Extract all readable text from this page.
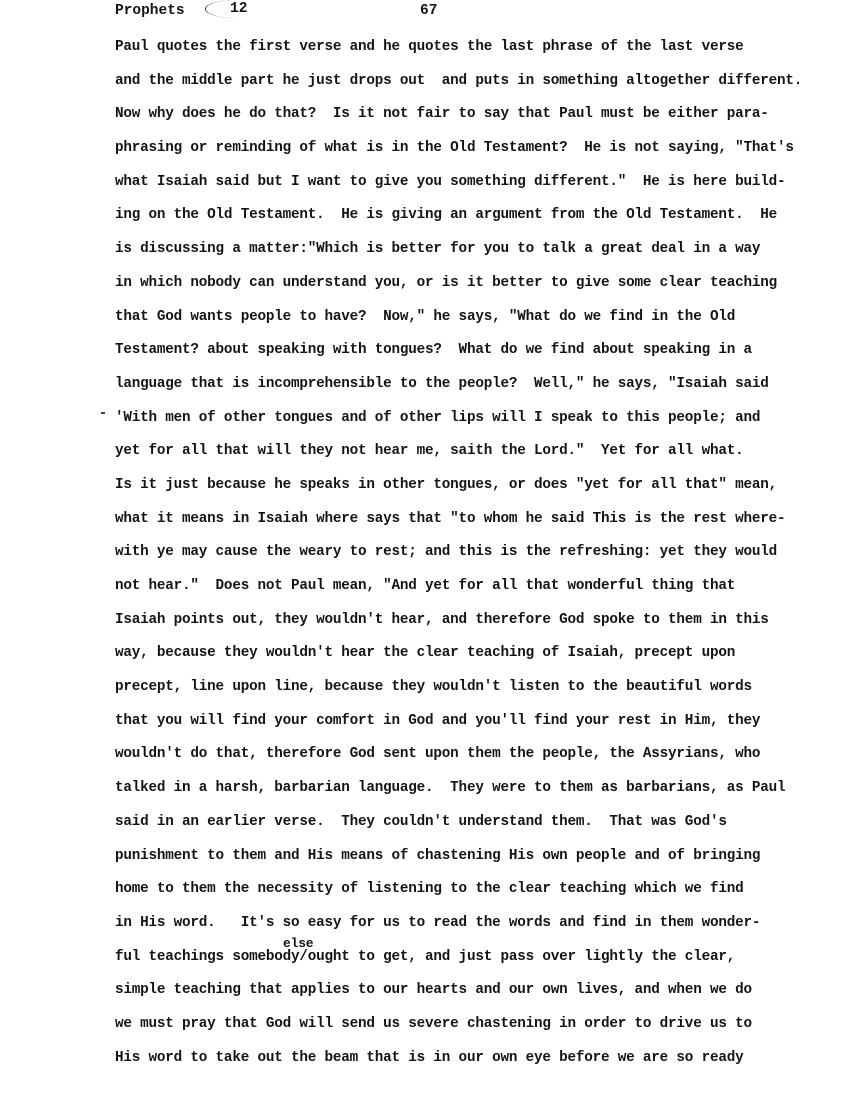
Prophets	12	67
Paul quotes the first verse and he quotes the last phrase of the last verse
and the middle part he just drops out  and puts in something altogether different.
Now why does he do that?  Is it not fair to say that Paul must be either para-
phrasing or reminding of what is in the Old Testament?  He is not saying, "That's
what Isaiah said but I want to give you something different."  He is here build-
ing on the Old Testament.  He is giving an argument from the Old Testament.  He
is discussing a matter:"Which is better for you to talk a great deal in a way
in which nobody can understand you, or is it better to give some clear teaching
that God wants people to have?  Now," he says, "What do we find in the Old
Testament? about speaking with tongues?  What do we find about speaking in a
language that is incomprehensible to the people?  Well," he says, "Isaiah said
'With men of other tongues and of other lips will I speak to this people; and
yet for all that will they not hear me, saith the Lord."  Yet for all what.
Is it just because he speaks in other tongues, or does "yet for all that" mean,
what it means in Isaiah where says that "to whom he said This is the rest where-
with ye may cause the weary to rest; and this is the refreshing: yet they would
not hear."  Does not Paul mean, "And yet for all that wonderful thing that
Isaiah points out, they wouldn't hear, and therefore God spoke to them in this
way, because they wouldn't hear the clear teaching of Isaiah, precept upon
precept, line upon line, because they wouldn't listen to the beautiful words
that you will find your comfort in God and you'll find your rest in Him, they
wouldn't do that, therefore God sent upon them the people, the Assyrians, who
talked in a harsh, barbarian language.  They were to them as barbarians, as Paul
said in an earlier verse.  They couldn't understand them.  That was God's
punishment to them and His means of chastening His own people and of bringing
home to them the necessity of listening to the clear teaching which we find
in His word.   It's so easy for us to read the words and find in them wonder-
else
ful teachings somebody/ought to get, and just pass over lightly the clear,
simple teaching that applies to our hearts and our own lives, and when we do
we must pray that God will send us severe chastening in order to drive us to
His word to take out the beam that is in our own eye before we are so ready
